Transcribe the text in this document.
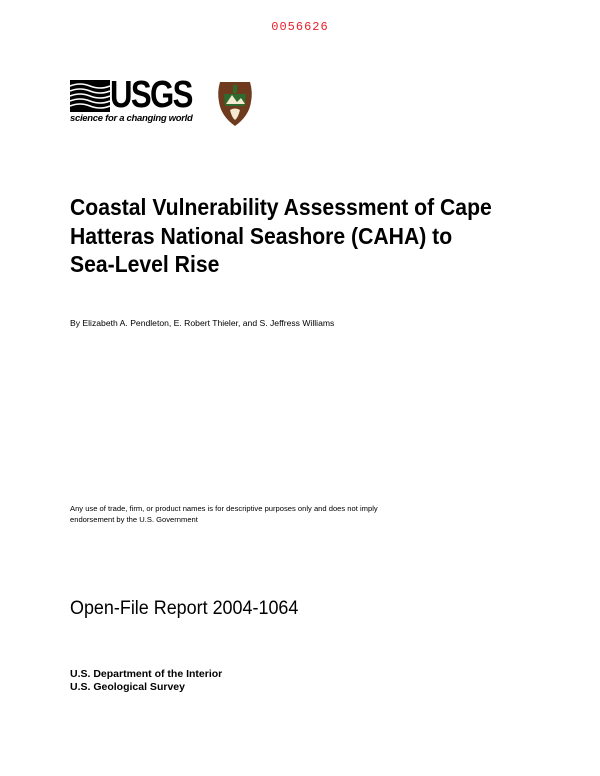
0056626
USGS
science for a changing world
Coastal Vulnerability Assessment of Cape Hatteras National Seashore (CAHA) to Sea-Level Rise
By Elizabeth A. Pendleton, E. Robert Thieler, and S. Jeffress Williams

Any use of trade, firm, or product names is for descriptive purposes only and does not imply endorsement by the U.S. Government

Open-File Report 2004-1064
U.S. Department of the Interior
U.S. Geological Survey
